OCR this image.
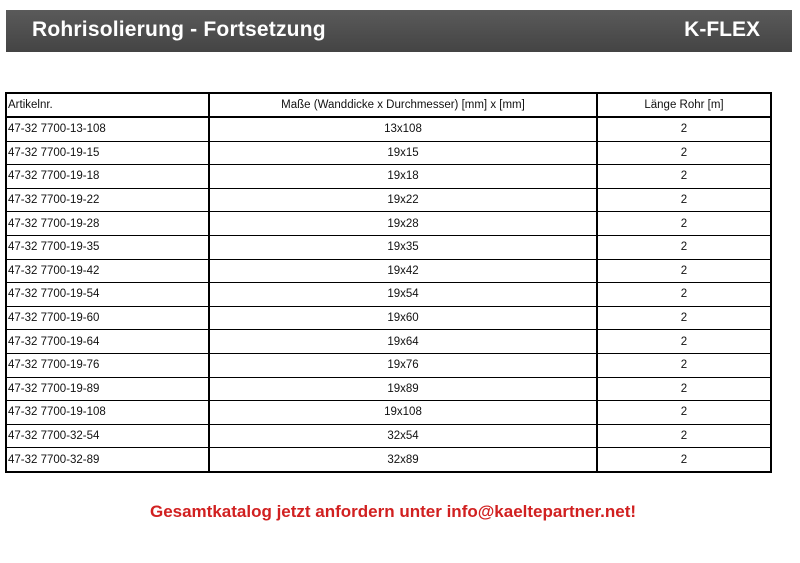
Rohrisolierung - Fortsetzung	K-FLEX
Artikelnr.	Maße (Wanddicke x Durchmesser) [mm] x [mm]	Länge Rohr [m]
47-32 7700-13-108	13x108	2
47-32 7700-19-15	19x15	2
47-32 7700-19-18	19x18	2
47-32 7700-19-22	19x22	2
47-32 7700-19-28	19x28	2
47-32 7700-19-35	19x35	2
47-32 7700-19-42	19x42	2
47-32 7700-19-54	19x54	2
47-32 7700-19-60	19x60	2
47-32 7700-19-64	19x64	2
47-32 7700-19-76	19x76	2
47-32 7700-19-89	19x89	2
47-32 7700-19-108	19x108	2
47-32 7700-32-54	32x54	2
47-32 7700-32-89	32x89	2
Gesamtkatalog jetzt anfordern unter info@kaeltepartner.net!
